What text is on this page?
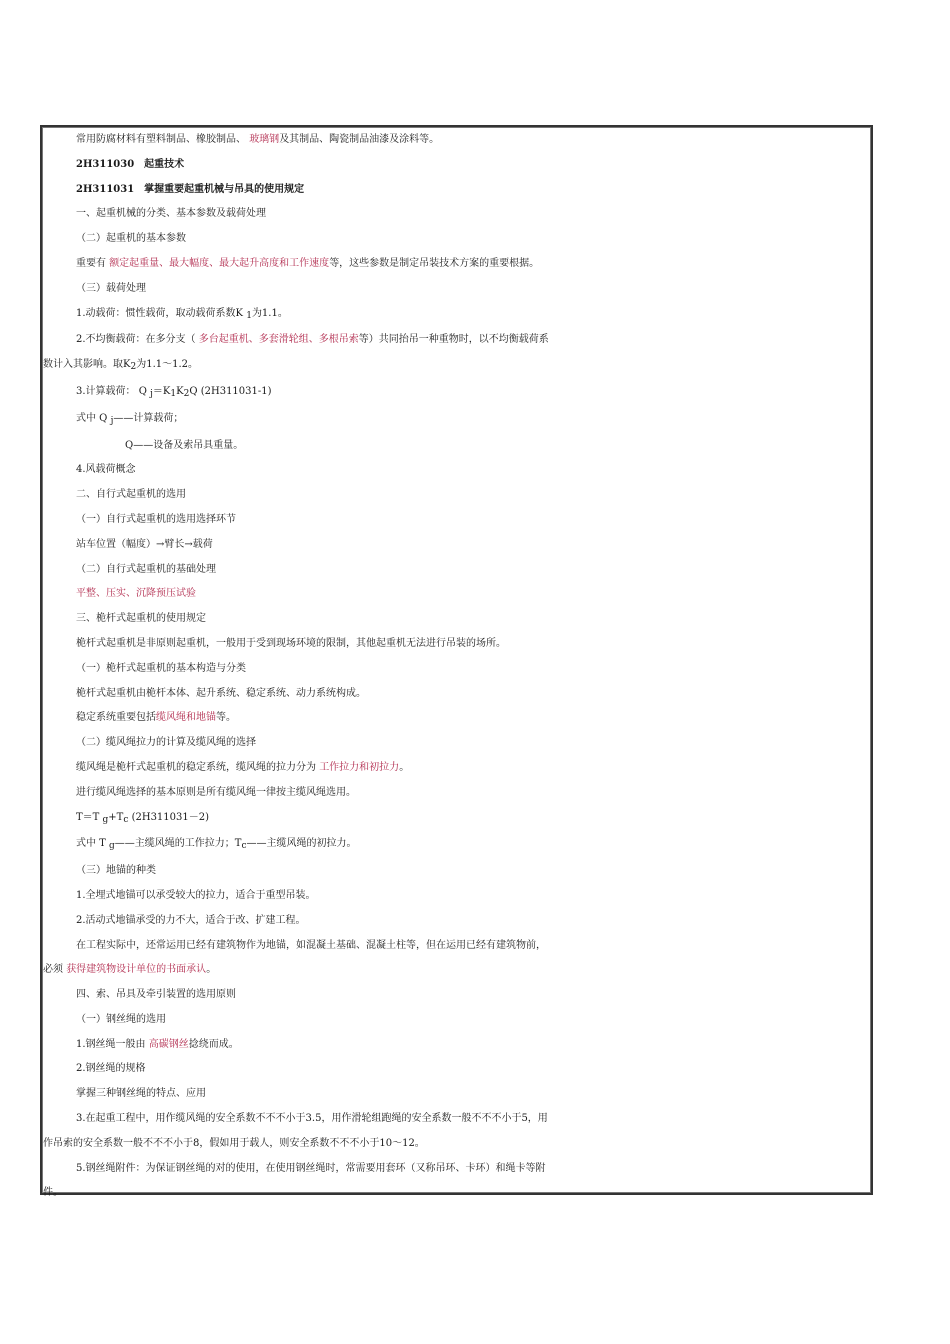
常用防腐材料有塑料制品、橡胶制品、 玻璃钢及其制品、陶瓷制品油漆及涂料等。
2H311030　起重技术
2H311031　掌握重要起重机械与吊具的使用规定
一、起重机械的分类、基本参数及载荷处理
（二）起重机的基本参数
重要有 额定起重量、最大幅度、最大起升高度和工作速度等，这些参数是制定吊装技术方案的重要根据。
（三）载荷处理
1.动载荷：惯性载荷，取动载荷系数K 1为1.1。
2.不均衡载荷：在多分支（ 多台起重机、多套滑轮组、多根吊索等）共同抬吊一种重物时，以不均衡载荷系
数计入其影响。取K2为1.1～1.2。
3.计算载荷： Q j＝K1K2Q (2H311031-1)
式中 Q j——计算载荷；
Q——设备及索吊具重量。
4.风载荷概念
二、自行式起重机的选用
（一）自行式起重机的选用选择环节
站车位置（幅度）→臂长→载荷
（二）自行式起重机的基础处理
平整、压实、沉降预压试验
三、桅杆式起重机的使用规定
桅杆式起重机是非原则起重机，一般用于受到现场环境的限制，其他起重机无法进行吊装的场所。
（一）桅杆式起重机的基本构造与分类
桅杆式起重机由桅杆本体、起升系统、稳定系统、动力系统构成。
稳定系统重要包括缆风绳和地锚等。
（二）缆风绳拉力的计算及缆风绳的选择
缆风绳是桅杆式起重机的稳定系统，缆风绳的拉力分为 工作拉力和初拉力。
进行缆风绳选择的基本原则是所有缆风绳一律按主缆风绳选用。
T＝T g+Tc (2H311031－2)
式中 T g——主缆风绳的工作拉力；Tc——主缆风绳的初拉力。
（三）地锚的种类
1.全埋式地锚可以承受较大的拉力，适合于重型吊装。
2.活动式地锚承受的力不大，适合于改、扩建工程。
在工程实际中，还常运用已经有建筑物作为地锚，如混凝土基础、混凝土柱等，但在运用已经有建筑物前，
必须 获得建筑物设计单位的书面承认。
四、索、吊具及牵引装置的选用原则
（一）钢丝绳的选用
1.钢丝绳一般由 高碳钢丝捻绕而成。
2.钢丝绳的规格
掌握三种钢丝绳的特点、应用
3.在起重工程中，用作缆风绳的安全系数不不不小于3.5，用作滑轮组跑绳的安全系数一般不不不小于5，用
作吊索的安全系数一般不不不小于8，假如用于载人，则安全系数不不不小于10～12。
5.钢丝绳附件：为保证钢丝绳的对的使用，在使用钢丝绳时，常需要用套环（又称吊环、卡环）和绳卡等附
件。
